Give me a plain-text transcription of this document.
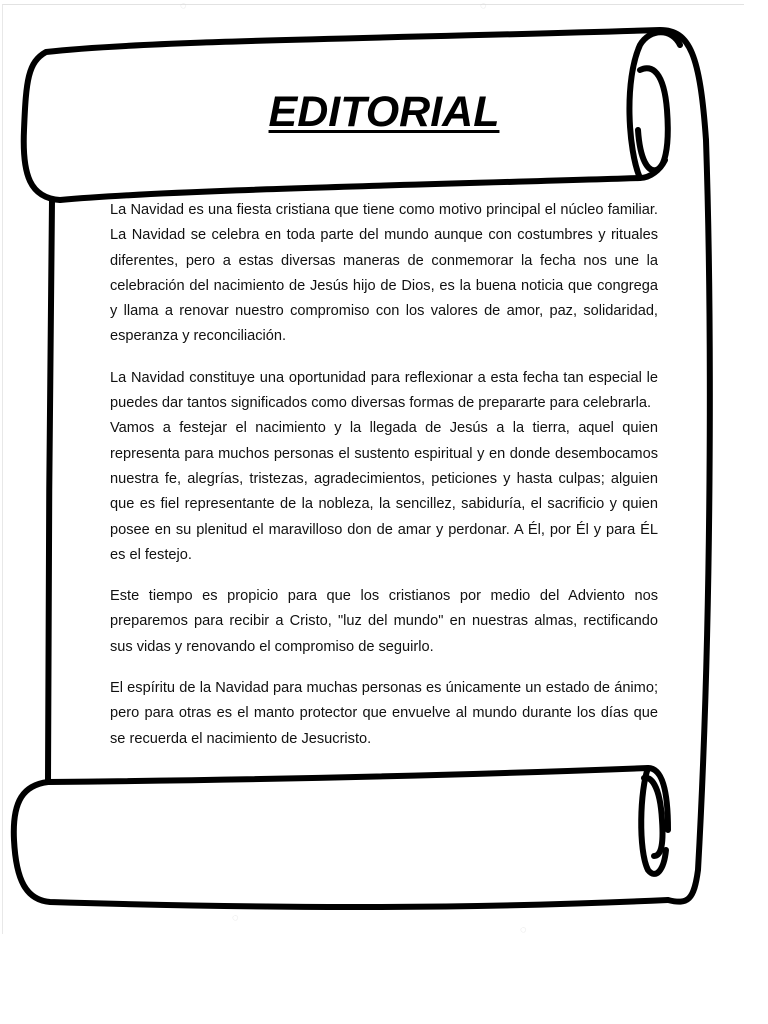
◌	◌
◌
◌
EDITORIAL

La Navidad es una fiesta cristiana que tiene como motivo principal el núcleo familiar. La Navidad se celebra en toda parte del mundo aunque con costumbres y rituales diferentes, pero a estas diversas maneras de conmemorar la fecha nos une la celebración del nacimiento de Jesús hijo de Dios, es la buena noticia que congrega y llama a renovar nuestro compromiso con los valores de amor, paz, solidaridad, esperanza y reconciliación.

La Navidad constituye una oportunidad para reflexionar a esta fecha tan especial le puedes dar tantos significados como diversas formas de prepararte para celebrarla.

Vamos a festejar el nacimiento y la llegada de Jesús a la tierra, aquel quien representa para muchos personas el sustento espiritual y en donde desembocamos nuestra fe, alegrías, tristezas, agradecimientos, peticiones y hasta culpas; alguien que es fiel representante de la nobleza, la sencillez, sabiduría, el sacrificio y quien posee en su plenitud el maravilloso don de amar y perdonar. A Él, por Él y para ÉL es el festejo.

Este tiempo es propicio para que los cristianos por medio del Adviento nos preparemos para recibir a Cristo, "luz del mundo" en nuestras almas, rectificando sus vidas y renovando el compromiso de seguirlo.

El espíritu de la Navidad para muchas personas es únicamente un estado de ánimo; pero para otras es el manto protector que envuelve al mundo durante los días que se recuerda el nacimiento de Jesucristo.
